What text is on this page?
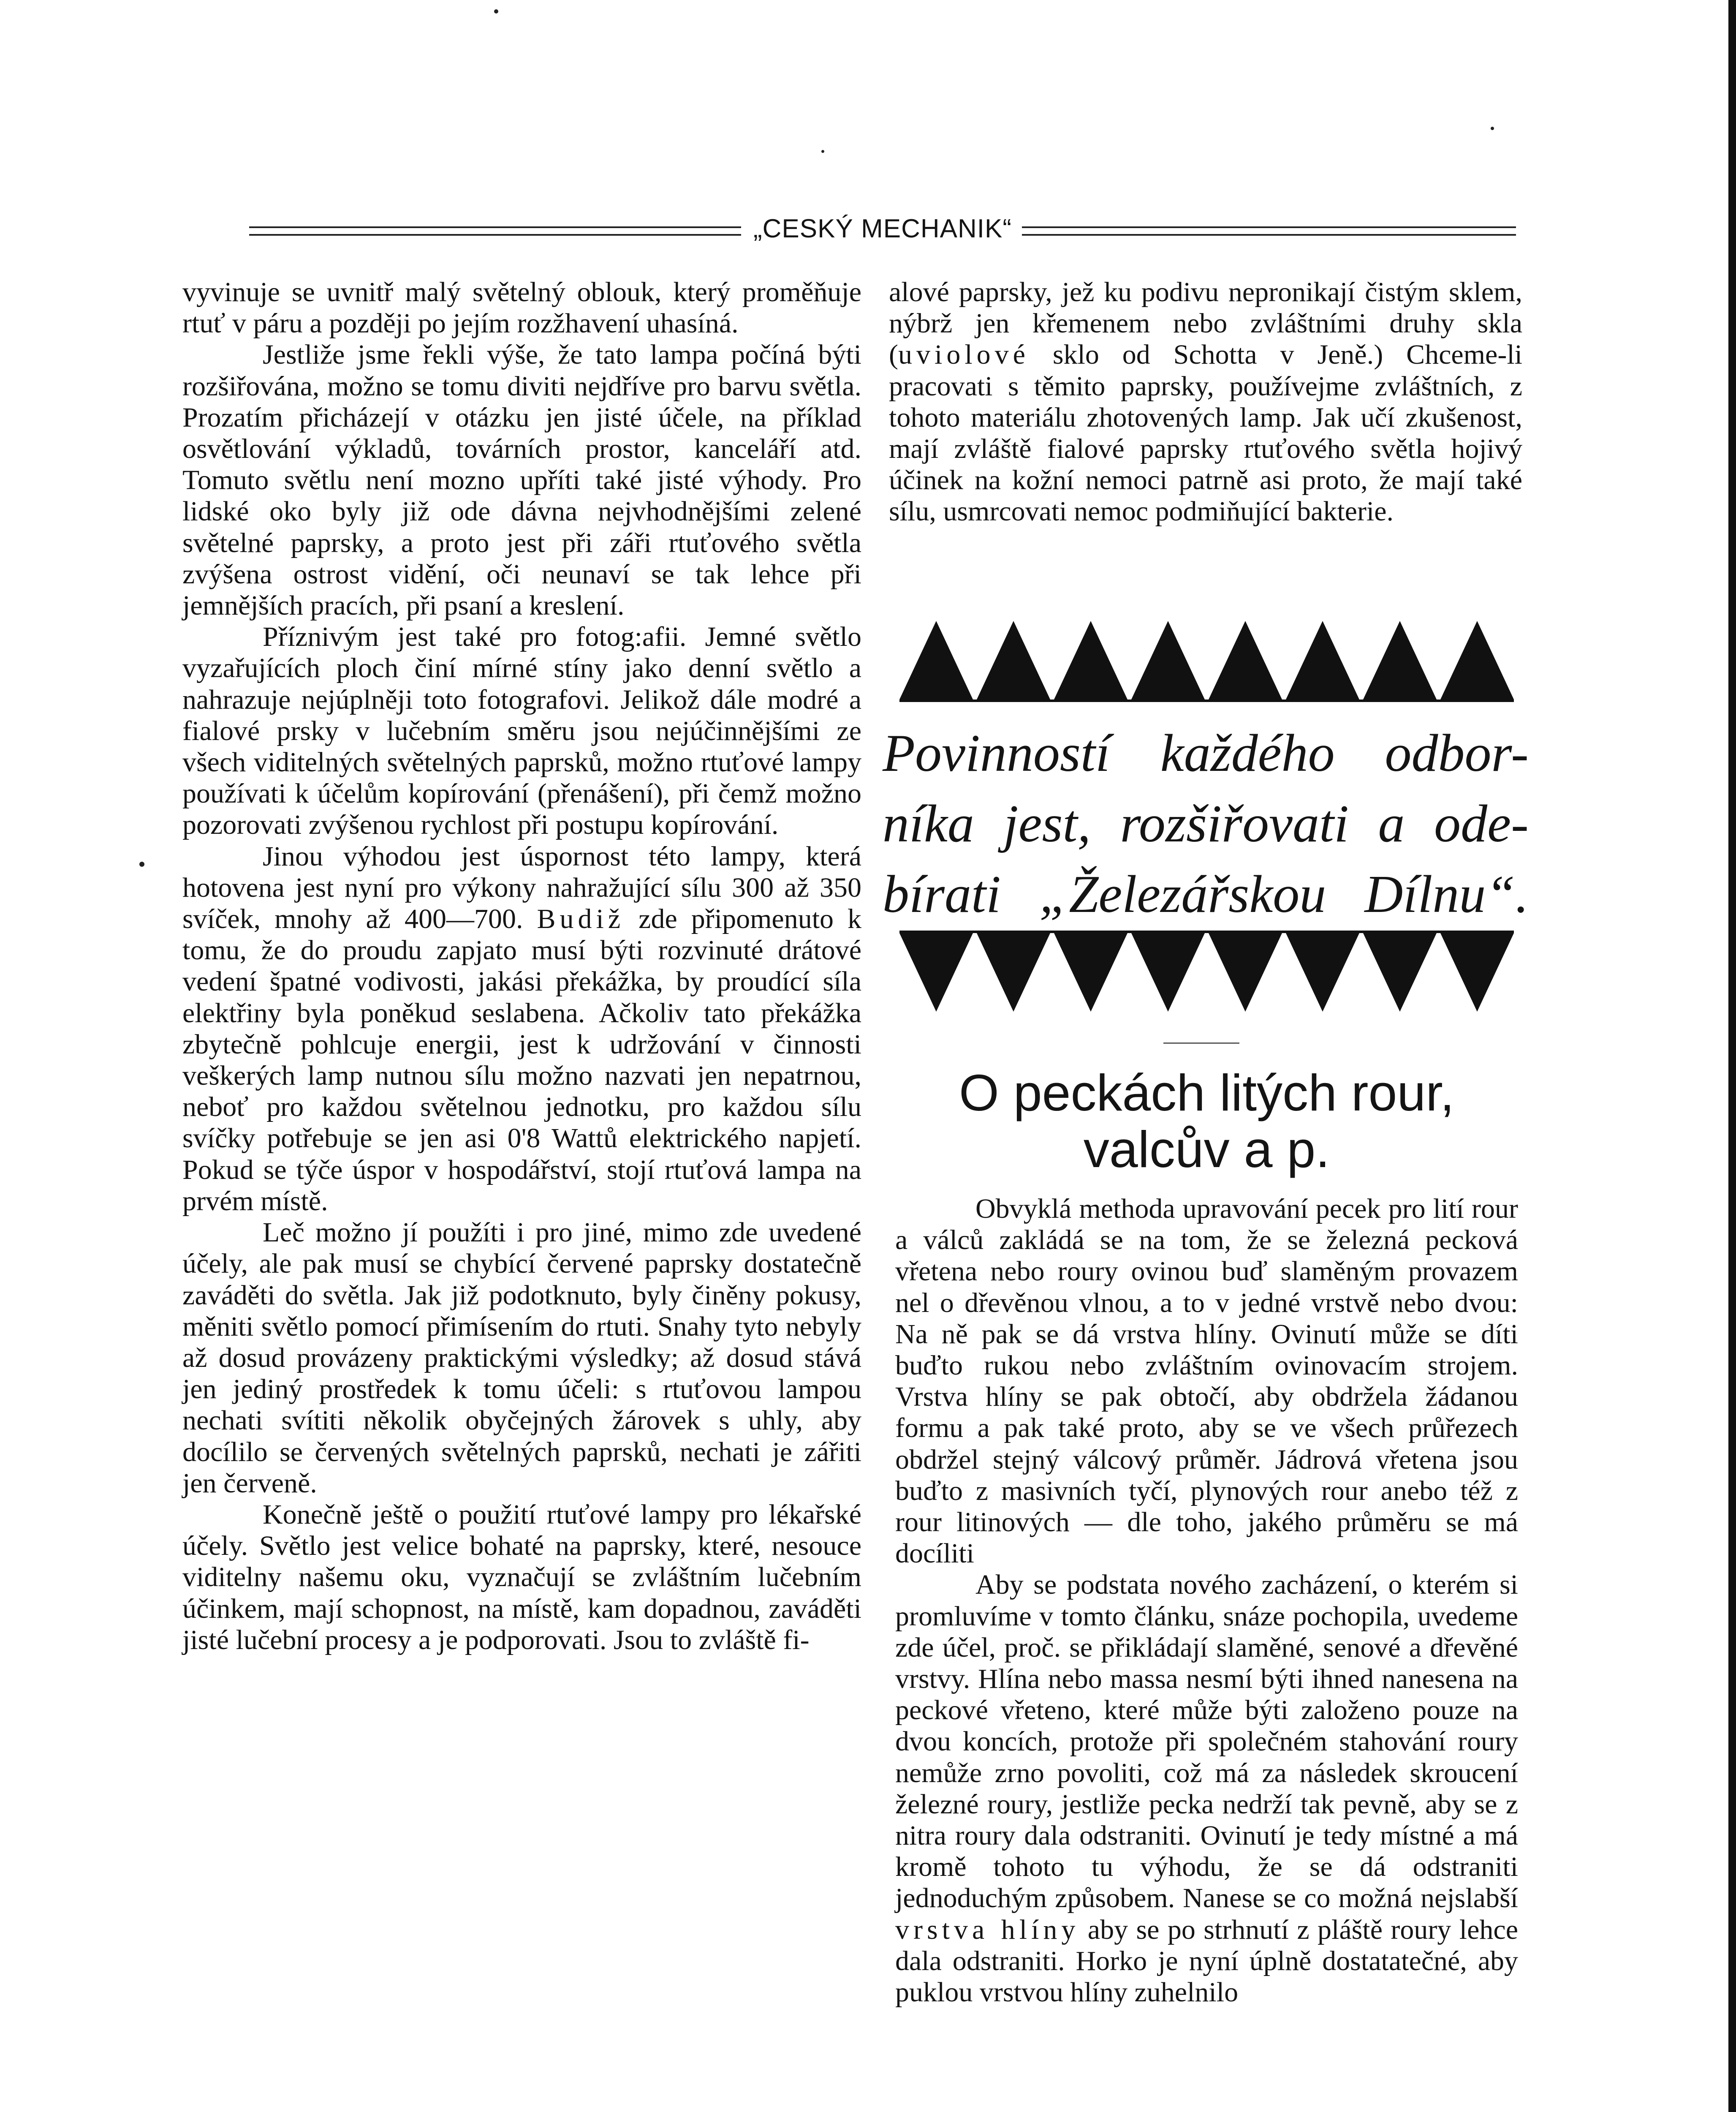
„CESKÝ MECHANIK“

vyvinuje se uvnitř malý světelný oblouk, který proměňuje rtuť v páru a později po jejím rozžhavení uhasíná.

Jestliže jsme řekli výše, že tato lampa počíná býti rozšiřována, možno se tomu diviti nejdříve pro barvu světla. Prozatím přicházejí v otázku jen jisté účele, na příklad osvětlování výkladů, továrních prostor, kanceláří atd. Tomuto světlu není mozno upříti také jisté výhody. Pro lidské oko byly již ode dávna nejvhodnějšími zelené světelné paprsky, a proto jest při záři rtuťového světla zvýšena ostrost vidění, oči neunaví se tak lehce při jemnějších pracích, při psaní a kreslení.

Příznivým jest také pro fotog:afii. Jemné světlo vyzařujících ploch činí mírné stíny jako denní světlo a nahrazuje nejúplněji toto fotografovi. Jelikož dále modré a fialové prsky v lučebním směru jsou nejúčinnějšími ze všech viditelných světelných paprsků, možno rtuťové lampy používati k účelům kopírování (přenášení), při čemž možno pozorovati zvýšenou rychlost při postupu kopírování.

Jinou výhodou jest úspornost této lampy, která hotovena jest nyní pro výkony nahražující sílu 300 až 350 svíček, mnohy až 400—700. Budiž zde připomenuto k tomu, že do proudu zapjato musí býti rozvinuté drátové vedení špatné vodivosti, jakási překážka, by proudící síla elektřiny byla poněkud seslabena. Ačkoliv tato překážka zbytečně pohlcuje energii, jest k udržování v činnosti veškerých lamp nutnou sílu možno nazvati jen nepatrnou, neboť pro každou světelnou jednotku, pro každou sílu svíčky potřebuje se jen asi 0'8 Wattů elektrického napjetí. Pokud se týče úspor v hospodářství, stojí rtuťová lampa na prvém místě.

Leč možno jí použíti i pro jiné, mimo zde uvedené účely, ale pak musí se chybící červené paprsky dostatečně zaváděti do světla. Jak již podotknuto, byly činěny pokusy, měniti světlo pomocí přimísením do rtuti. Snahy tyto nebyly až dosud provázeny praktickými výsledky; až dosud stává jen jediný prostředek k tomu účeli: s rtuťovou lampou nechati svítiti několik obyčejných žárovek s uhly, aby docílilo se červených světelných paprsků, nechati je zářiti jen červeně.

Konečně ještě o použití rtuťové lampy pro lékařské účely. Světlo jest velice bohaté na paprsky, které, nesouce viditelny našemu oku, vyznačují se zvláštním lučebním účinkem, mají schopnost, na místě, kam dopadnou, zaváděti jisté lučební procesy a je podporovati. Jsou to zvláště fi-

alové paprsky, jež ku podivu nepronikají čistým sklem, nýbrž jen křemenem nebo zvláštními druhy skla (uviolové sklo od Schotta v Jeně.) Chceme-li pracovati s těmito paprsky, používejme zvláštních, z tohoto materiálu zhotovených lamp. Jak učí zkušenost, mají zvláště fialové paprsky rtuťového světla hojivý účinek na kožní nemoci patrně asi proto, že mají také sílu, usmrcovati nemoc podmiňující bakterie.

Povinností každého odbor-
níka jest, rozšiřovati a ode-
bírati „Železářskou Dílnu“.
O peckách litých rour,
valcův a p.

Obvyklá methoda upravování pecek pro lití rour a válců zakládá se na tom, že se železná pecková vřetena nebo roury ovinou buď slaměným provazem nel o dřevěnou vlnou, a to v jedné vrstvě nebo dvou: Na ně pak se dá vrstva hlíny. Ovinutí může se díti buďto rukou nebo zvláštním ovinovacím strojem. Vrstva hlíny se pak obtočí, aby obdržela žádanou formu a pak také proto, aby se ve všech průřezech obdržel stejný válcový průměr. Jádrová vřetena jsou buďto z masivních tyčí, plynových rour anebo též z rour litinových — dle toho, jakého průměru se má docíliti

Aby se podstata nového zacházení, o kterém si promluvíme v tomto článku, snáze pochopila, uvedeme zde účel, proč. se přikládají slaměné, senové a dřevěné vrstvy. Hlína nebo massa nesmí býti ihned nanesena na peckové vřeteno, které může býti založeno pouze na dvou koncích, protože při společném stahování roury nemůže zrno povoliti, což má za následek skroucení železné roury, jestliže pecka nedrží tak pevně, aby se z nitra roury dala odstraniti. Ovinutí je tedy místné a má kromě tohoto tu výhodu, že se dá odstraniti jednoduchým způsobem. Nanese se co možná nejslabší vrstva hlíny aby se po strhnutí z pláště roury lehce dala odstraniti. Horko je nyní úplně dostatatečné, aby puklou vrstvou hlíny zuhelnilo
